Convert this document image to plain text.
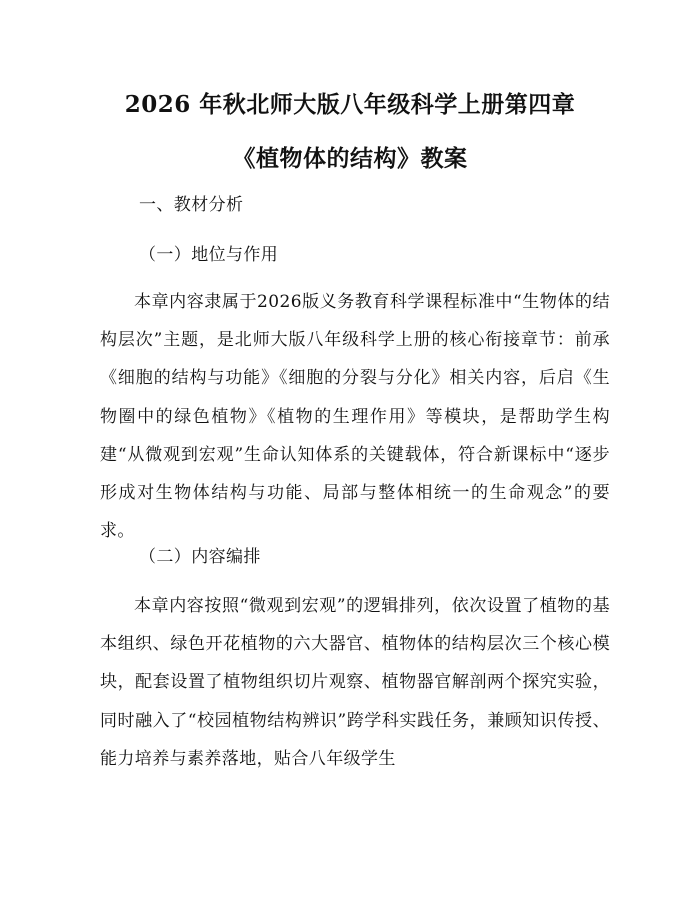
2026 年秋北师大版八年级科学上册第四章
《植物体的结构》教案
一、教材分析
（一）地位与作用
本章内容隶属于2026版义务教育科学课程标准中“生物体的结构层次”主题，是北师大版八年级科学上册的核心衔接章节：前承《细胞的结构与功能》《细胞的分裂与分化》相关内容，后启《生物圈中的绿色植物》《植物的生理作用》等模块，是帮助学生构建“从微观到宏观”生命认知体系的关键载体，符合新课标中“逐步形成对生物体结构与功能、局部与整体相统一的生命观念”的要求。
（二）内容编排
本章内容按照“微观到宏观”的逻辑排列，依次设置了植物的基本组织、绿色开花植物的六大器官、植物体的结构层次三个核心模块，配套设置了植物组织切片观察、植物器官解剖两个探究实验，同时融入了“校园植物结构辨识”跨学科实践任务，兼顾知识传授、能力培养与素养落地，贴合八年级学生
